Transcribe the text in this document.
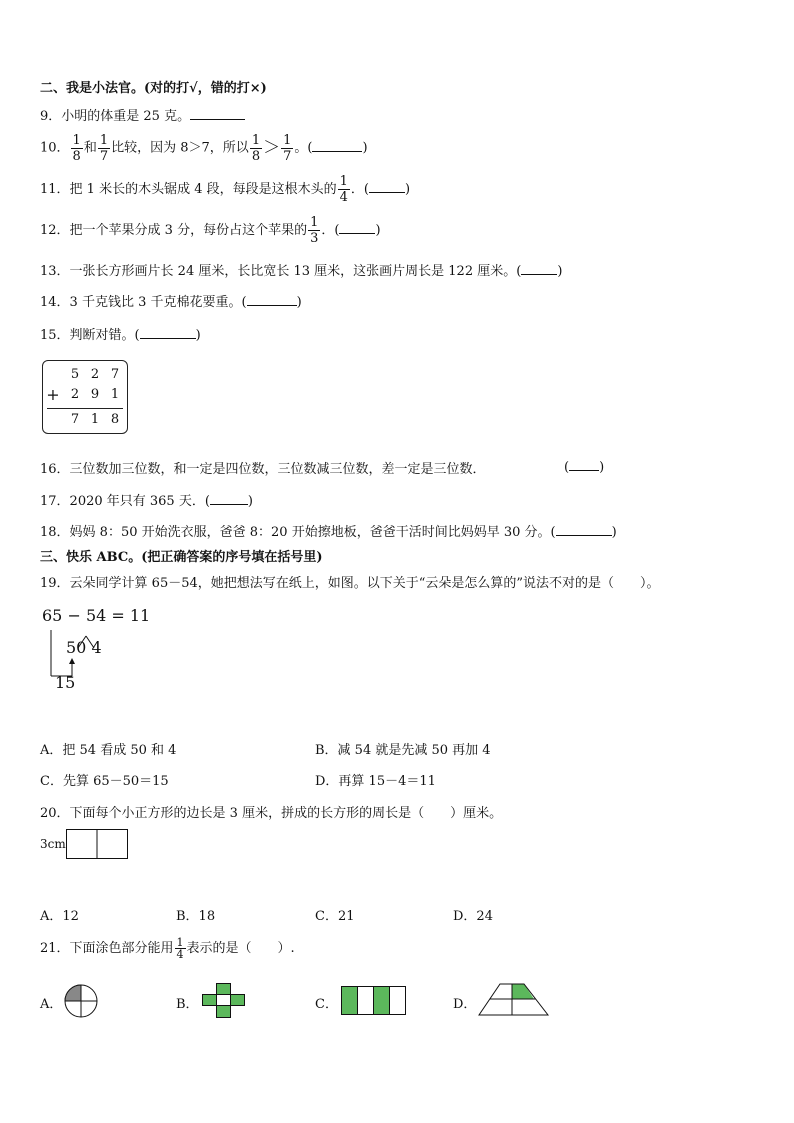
二、我是小法官。(对的打√，错的打×)
9．小明的体重是 25 克。
10． $\frac{1}{8}$ 和 $\frac{1}{7}$ 比较，因为 8＞7，所以 $\frac{1}{8} > \frac{1}{7}$ 。(	)
11．把 1 米长的木头锯成 4 段，每段是这根木头的 $\frac{1}{4}$ ．(	)
12．把一个苹果分成 3 分，每份占这个苹果的 $\frac{1}{3}$ ．(	)
13．一张长方形画片长 24 厘米，长比宽长 13 厘米，这张画片周长是 122 厘米。(	)
14．3 千克钱比 3 千克棉花要重。(	)
15．判断对错。(	)
5 2 7
+ 2 9 1
7 1 8
16．三位数加三位数，和一定是四位数，三位数减三位数，差一定是三位数．	( )
17．2020 年只有 365 天．(	)
18．妈妈 8：50 开始洗衣服，爸爸 8：20 开始擦地板，爸爸干活时间比妈妈早 30 分。(	)
三、快乐 ABC。(把正确答案的序号填在括号里)
19．云朵同学计算 65－54，她把想法写在纸上，如图。以下关于“云朵是怎么算的”说法不对的是（　　）。
65 − 54 = 11
50 4
15
A．把 54 看成 50 和 4	B．减 54 就是先减 50 再加 4
C．先算 65－50＝15	D．再算 15－4＝11
20．下面每个小正方形的边长是 3 厘米，拼成的长方形的周长是（　　）厘米。
3cm
A．12	B．18	C．21	D．24
21．下面涂色部分能用 $\frac{1}{4}$ 表示的是（　　）.
A．	B．	C．	D．
